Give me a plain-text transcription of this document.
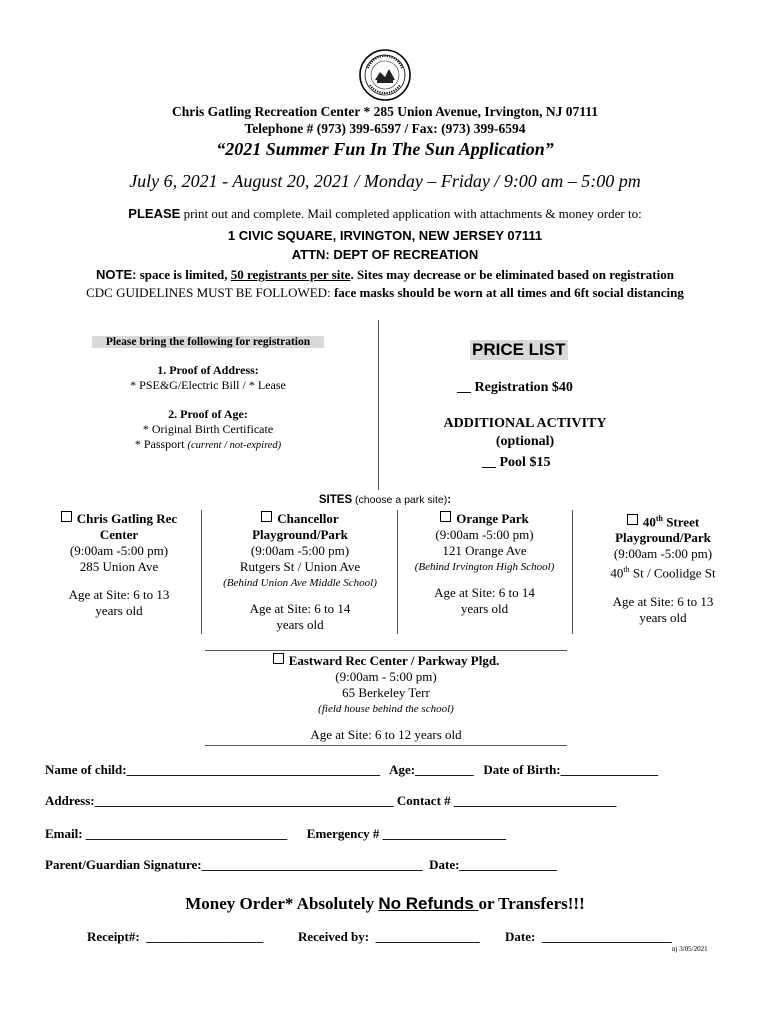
Chris Gatling Recreation Center * 285 Union Avenue, Irvington, NJ 07111
Telephone # (973) 399-6597 / Fax: (973) 399-6594
“2021 Summer Fun In The Sun Application”
July 6, 2021 - August 20, 2021 / Monday – Friday / 9:00 am – 5:00 pm
PLEASE print out and complete. Mail completed application with attachments & money order to:
1 CIVIC SQUARE, IRVINGTON, NEW JERSEY 07111
ATTN: DEPT OF RECREATION
NOTE: space is limited, 50 registrants per site. Sites may decrease or be eliminated based on registration
CDC GUIDELINES MUST BE FOLLOWED: face masks should be worn at all times and 6ft social distancing
Please bring the following for registration
1. Proof of Address:
* PSE&G/Electric Bill / * Lease
2. Proof of Age:
* Original Birth Certificate
* Passport (current / not-expired)
PRICE LIST
__ Registration $40
ADDITIONAL ACTIVITY
(optional)
__ Pool $15
SITES (choose a park site):
Chris Gatling Rec
Center
(9:00am -5:00 pm)
285 Union Ave
Age at Site: 6 to 13
years old
Chancellor
Playground/Park
(9:00am -5:00 pm)
Rutgers St / Union Ave
(Behind Union Ave Middle School)
Age at Site: 6 to 14
years old
Orange Park
(9:00am -5:00 pm)
121 Orange Ave
(Behind Irvington High School)
Age at Site: 6 to 14
years old
40th Street
Playground/Park
(9:00am -5:00 pm)
40th St / Coolidge St
Age at Site: 6 to 13
years old
Eastward Rec Center / Parkway Plgd.
(9:00am - 5:00 pm)
65 Berkeley Terr
(field house behind the school)
Age at Site: 6 to 12 years old
Name of child:_______________________________________   Age:_________   Date of Birth:_______________
Address:______________________________________________ Contact # _________________________
Email: _______________________________      Emergency # ___________________
Parent/Guardian Signature:__________________________________  Date:_______________
Money Order* Absolutely No Refunds or Transfers!!!
Receipt#:  __________________	Received by:  ________________ Date:  ____________________
nj 3/05/2021
